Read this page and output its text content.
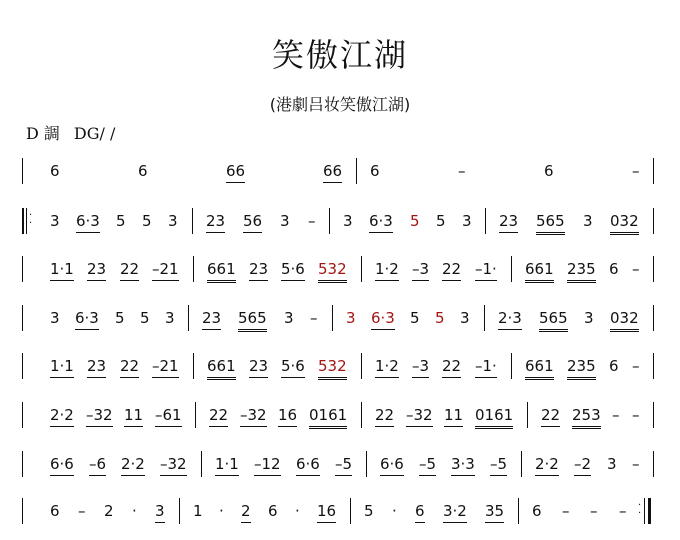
笑傲江湖
(港劇吕妆笑傲江湖)
D 調 DG/ /
6	6	66	66 6	–	6	–
·
· 3 6·3 5 5 3 23 56 3 – 3 6·3 5 5 3 23 565 3 032
1·1 23 22 –21 661 23 5·6 532 1·2 –3 22 –1· 661 235 6 –
3 6·3 5 5 3 23 565 3 – 3 6·3 5 5 3 2·3 565 3 032
1·1 23 22 –21 661 23 5·6 532 1·2 –3 22 –1· 661 235 6 –
2·2 –32 11 –61 22 –32 16 0161 22 –32 11 0161 22 253 – –
6·6 –6 2·2 –32 1·1 –12 6·6 –5 6·6 –5 3·3 –5 2·2 –2 3 –
6 – 2 · 3 1 · 2 6 · 16 5 · 6 3·2 35 6 – – – ·
·
